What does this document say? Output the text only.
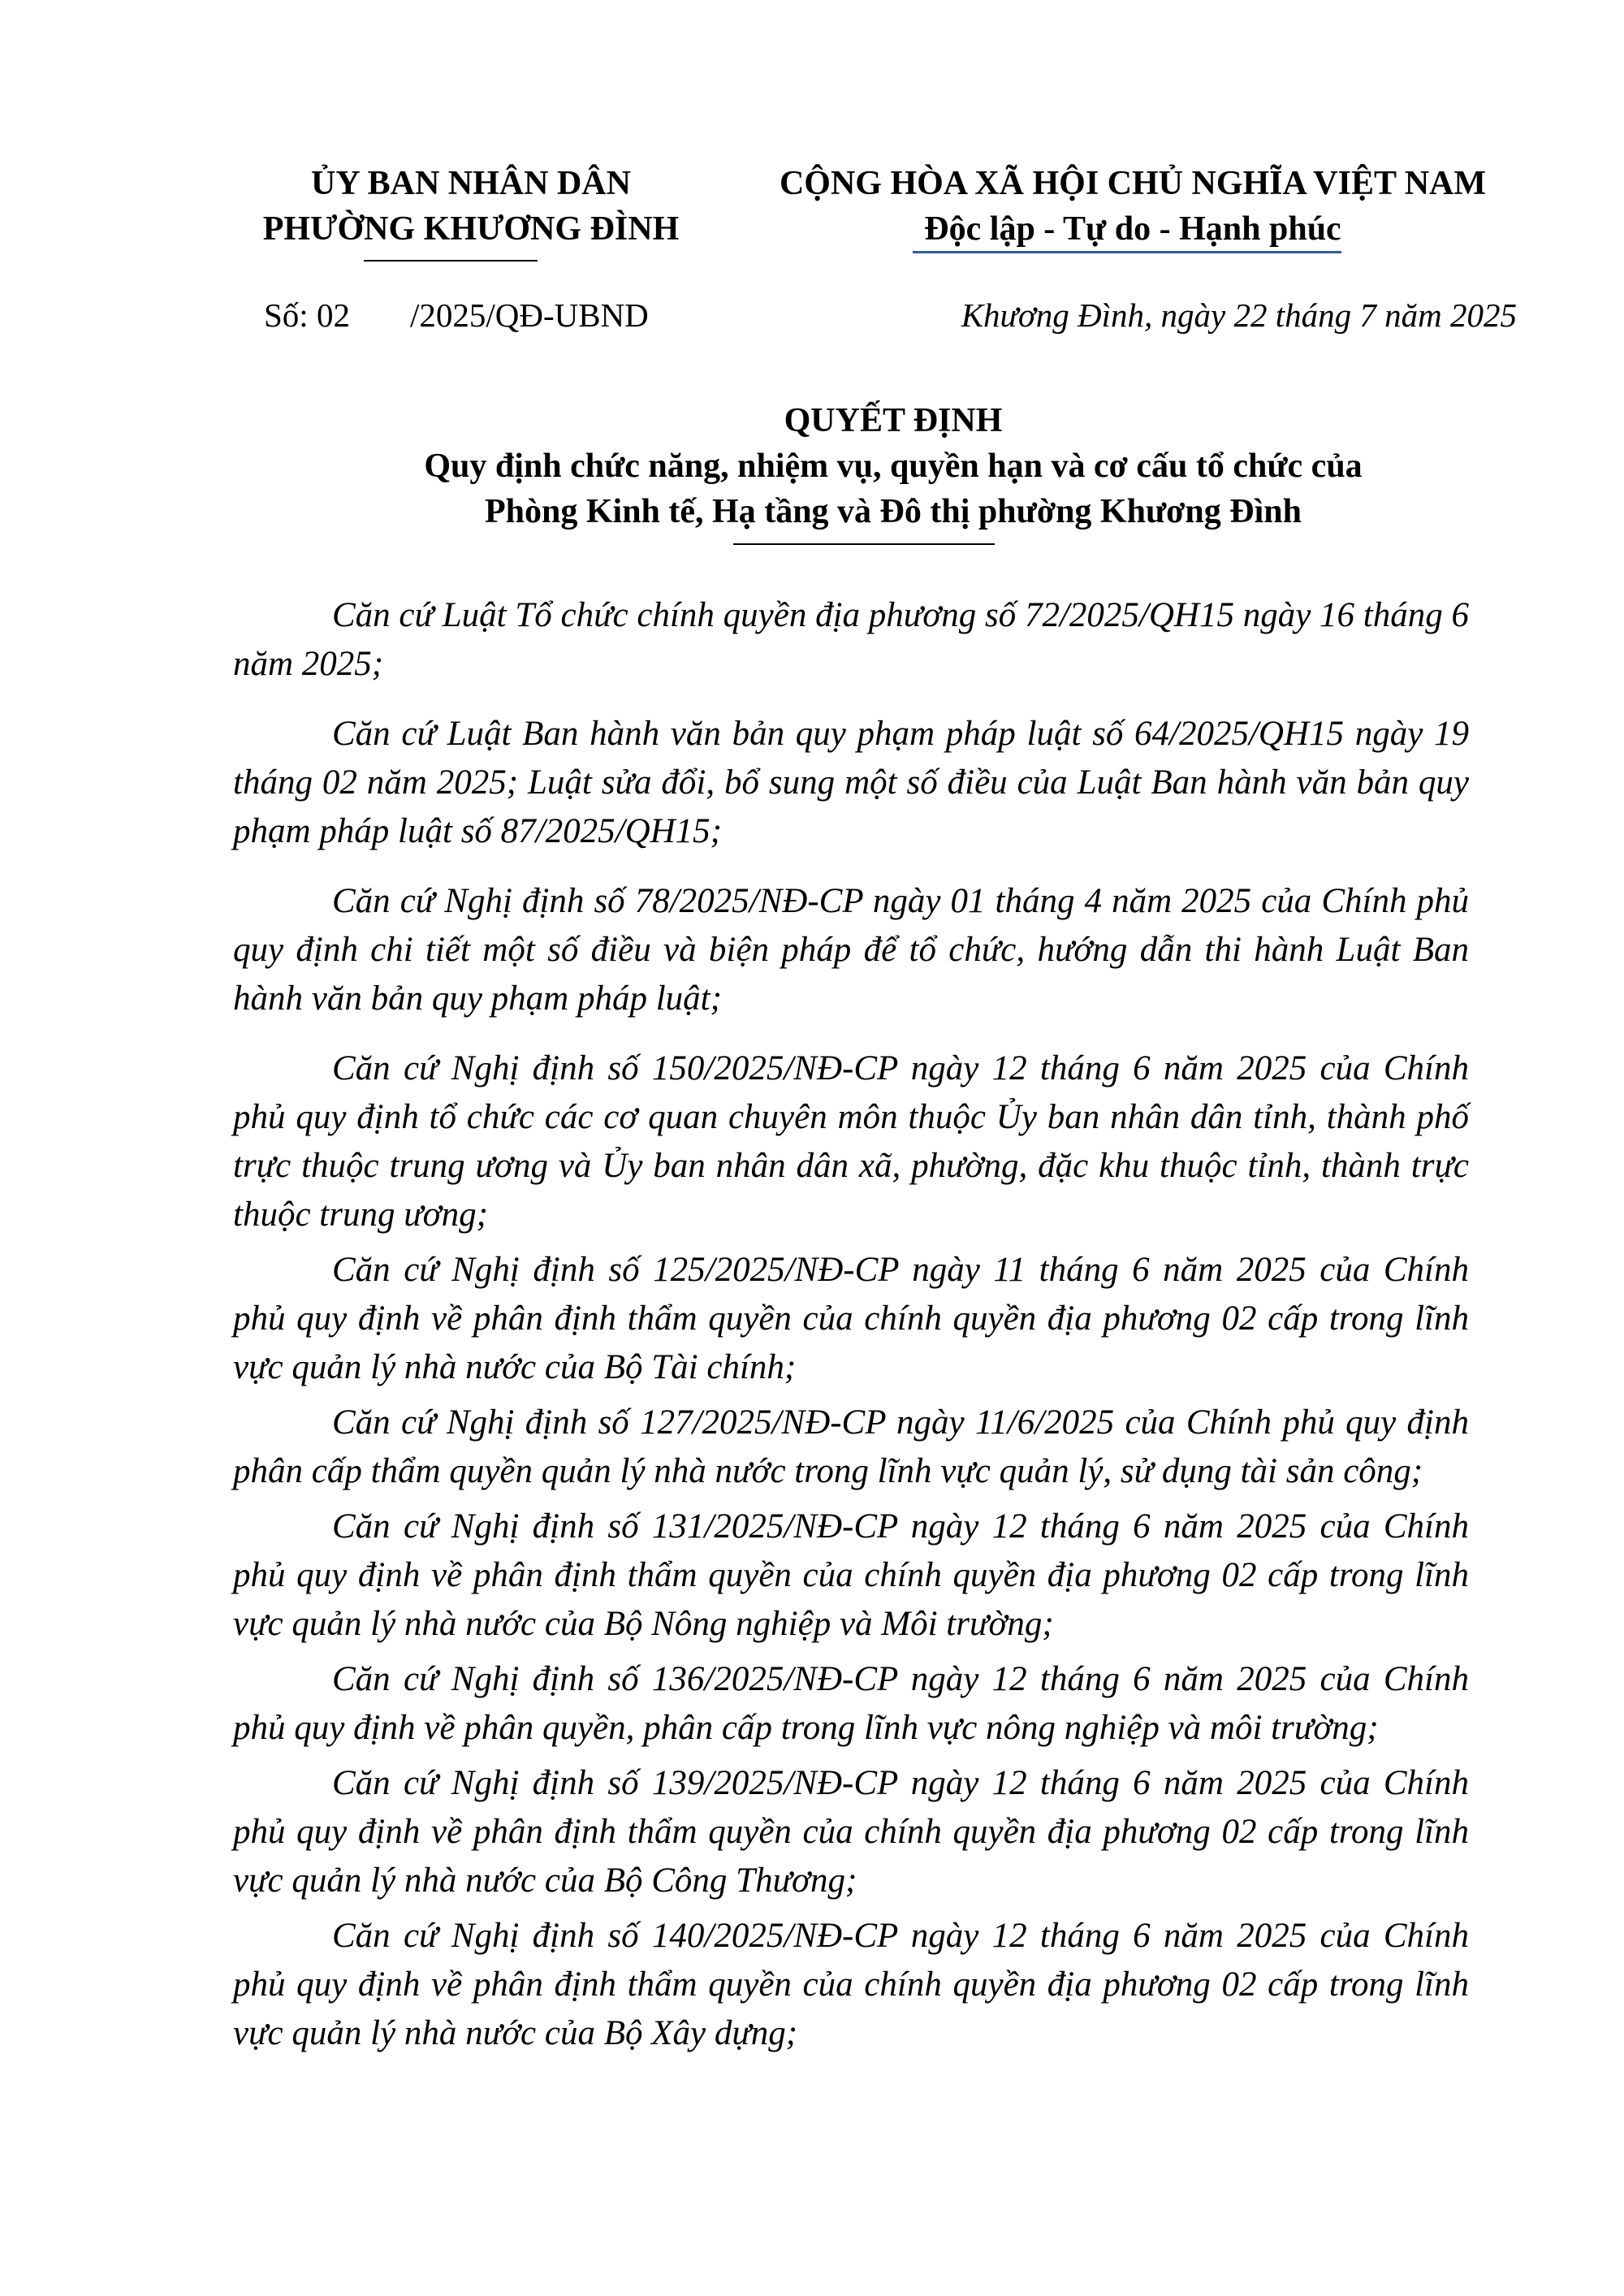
ỦY BAN NHÂN DÂN
PHƯỜNG KHƯƠNG ĐÌNH
CỘNG HÒA XÃ HỘI CHỦ NGHĨA VIỆT NAM
Độc lập - Tự do - Hạnh phúc
Số: 02 /2025/QĐ-UBND	Khương Đình, ngày 22 tháng 7 năm 2025
QUYẾT ĐỊNH
Quy định chức năng, nhiệm vụ, quyền hạn và cơ cấu tổ chức của
Phòng Kinh tế, Hạ tầng và Đô thị phường Khương Đình

Căn cứ Luật Tổ chức chính quyền địa phương số 72/2025/QH15 ngày 16 tháng 6 năm 2025;

Căn cứ Luật Ban hành văn bản quy phạm pháp luật số 64/2025/QH15 ngày 19 tháng 02 năm 2025; Luật sửa đổi, bổ sung một số điều của Luật Ban hành văn bản quy phạm pháp luật số 87/2025/QH15;

Căn cứ Nghị định số 78/2025/NĐ-CP ngày 01 tháng 4 năm 2025 của Chính phủ quy định chi tiết một số điều và biện pháp để tổ chức, hướng dẫn thi hành Luật Ban hành văn bản quy phạm pháp luật;

Căn cứ Nghị định số 150/2025/NĐ-CP ngày 12 tháng 6 năm 2025 của Chính phủ quy định tổ chức các cơ quan chuyên môn thuộc Ủy ban nhân dân tỉnh, thành phố trực thuộc trung ương và Ủy ban nhân dân xã, phường, đặc khu thuộc tỉnh, thành trực thuộc trung ương;

Căn cứ Nghị định số 125/2025/NĐ-CP ngày 11 tháng 6 năm 2025 của Chính phủ quy định về phân định thẩm quyền của chính quyền địa phương 02 cấp trong lĩnh vực quản lý nhà nước của Bộ Tài chính;

Căn cứ Nghị định số 127/2025/NĐ-CP ngày 11/6/2025 của Chính phủ quy định phân cấp thẩm quyền quản lý nhà nước trong lĩnh vực quản lý, sử dụng tài sản công;

Căn cứ Nghị định số 131/2025/NĐ-CP ngày 12 tháng 6 năm 2025 của Chính phủ quy định về phân định thẩm quyền của chính quyền địa phương 02 cấp trong lĩnh vực quản lý nhà nước của Bộ Nông nghiệp và Môi trường;

Căn cứ Nghị định số 136/2025/NĐ-CP ngày 12 tháng 6 năm 2025 của Chính phủ quy định về phân quyền, phân cấp trong lĩnh vực nông nghiệp và môi trường;

Căn cứ Nghị định số 139/2025/NĐ-CP ngày 12 tháng 6 năm 2025 của Chính phủ quy định về phân định thẩm quyền của chính quyền địa phương 02 cấp trong lĩnh vực quản lý nhà nước của Bộ Công Thương;

Căn cứ Nghị định số 140/2025/NĐ-CP ngày 12 tháng 6 năm 2025 của Chính phủ quy định về phân định thẩm quyền của chính quyền địa phương 02 cấp trong lĩnh vực quản lý nhà nước của Bộ Xây dựng;
